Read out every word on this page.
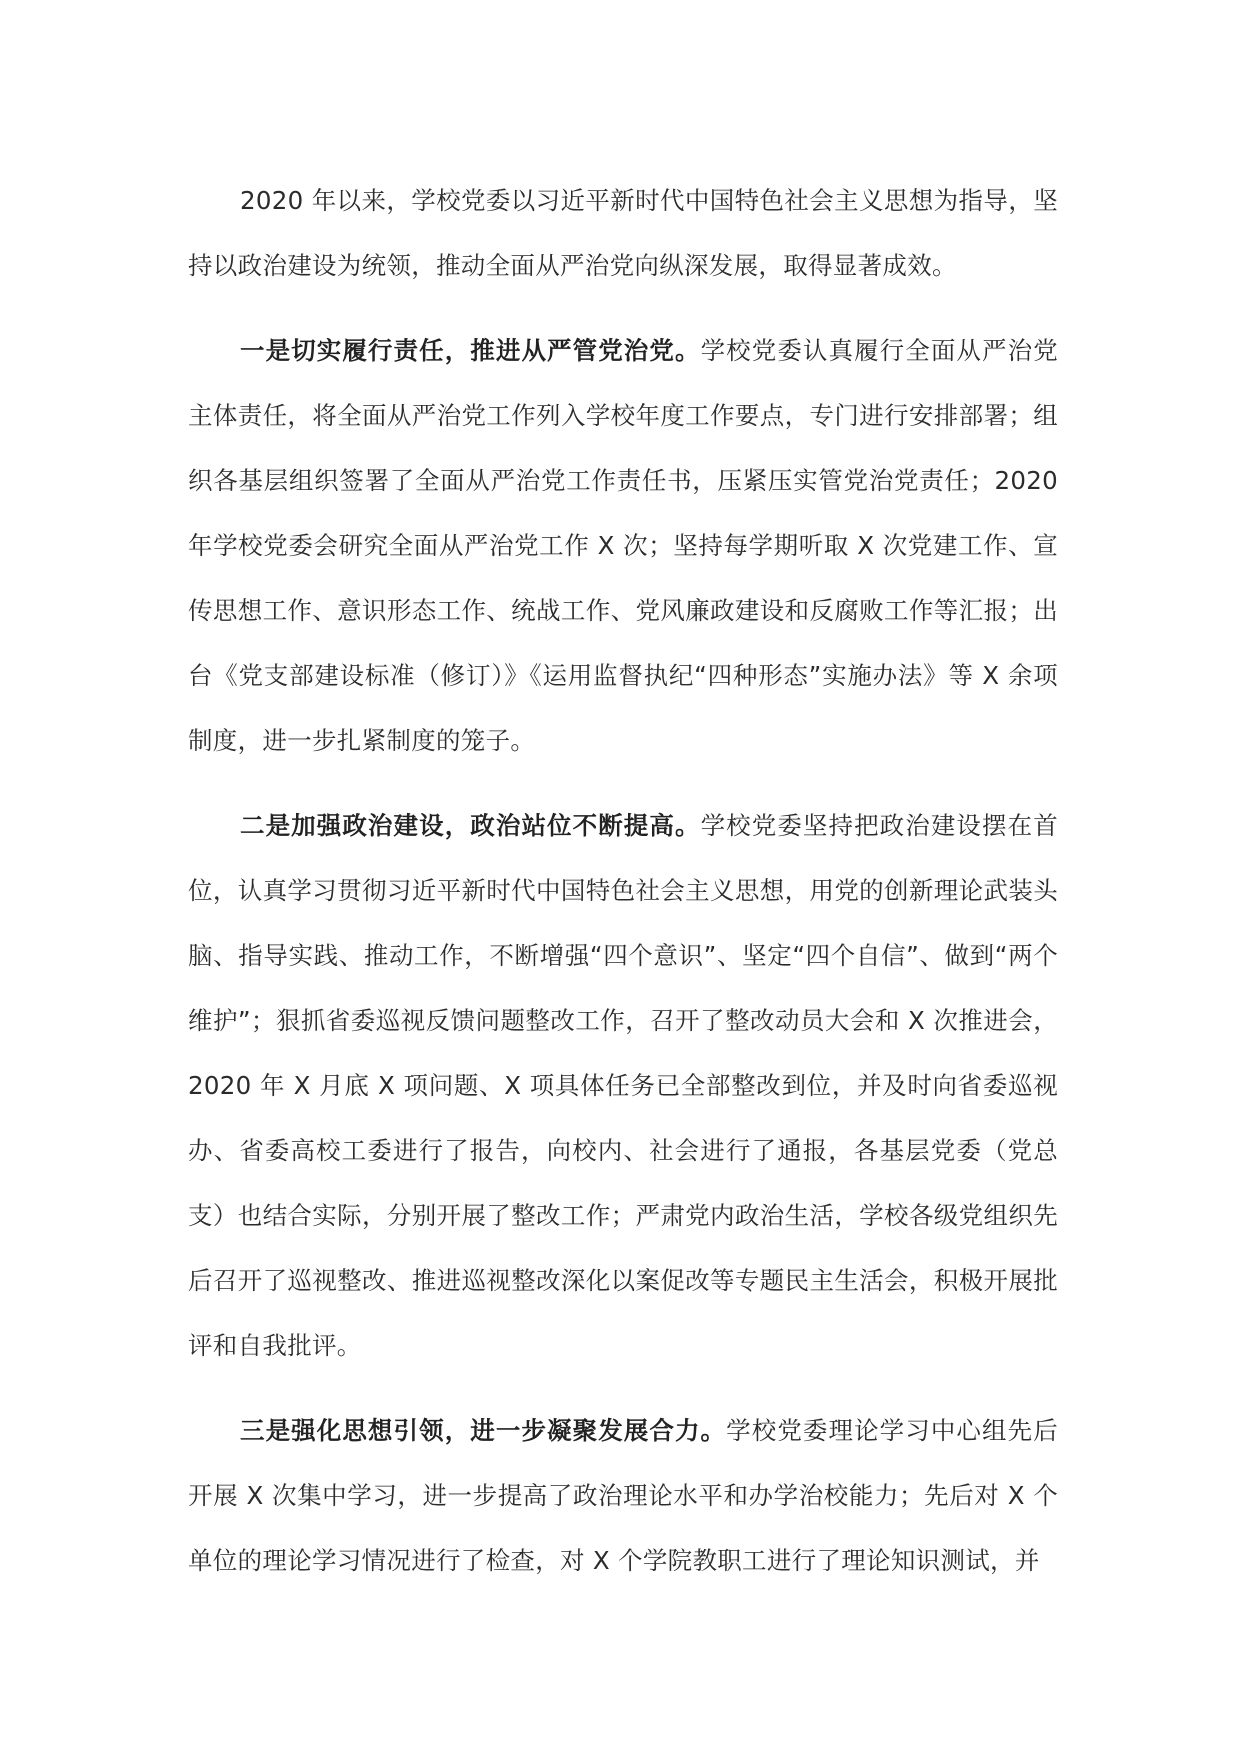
2020 年以来，学校党委以习近平新时代中国特色社会主义思想为指导，坚持以政治建设为统领，推动全面从严治党向纵深发展，取得显著成效。

一是切实履行责任，推进从严管党治党。学校党委认真履行全面从严治党主体责任，将全面从严治党工作列入学校年度工作要点，专门进行安排部署；组织各基层组织签署了全面从严治党工作责任书，压紧压实管党治党责任；2020 年学校党委会研究全面从严治党工作 X 次；坚持每学期听取 X 次党建工作、宣传思想工作、意识形态工作、统战工作、党风廉政建设和反腐败工作等汇报；出台《党支部建设标准（修订）》《运用监督执纪“四种形态”实施办法》等 X 余项制度，进一步扎紧制度的笼子。

二是加强政治建设，政治站位不断提高。学校党委坚持把政治建设摆在首位，认真学习贯彻习近平新时代中国特色社会主义思想，用党的创新理论武装头脑、指导实践、推动工作，不断增强“四个意识”、坚定“四个自信”、做到“两个维护”；狠抓省委巡视反馈问题整改工作，召开了整改动员大会和 X 次推进会，2020 年 X 月底 X 项问题、X 项具体任务已全部整改到位，并及时向省委巡视办、省委高校工委进行了报告，向校内、社会进行了通报，各基层党委（党总支）也结合实际，分别开展了整改工作；严肃党内政治生活，学校各级党组织先后召开了巡视整改、推进巡视整改深化以案促改等专题民主生活会，积极开展批评和自我批评。

三是强化思想引领，进一步凝聚发展合力。学校党委理论学习中心组先后开展 X 次集中学习，进一步提高了政治理论水平和办学治校能力；先后对 X 个单位的理论学习情况进行了检查，对 X 个学院教职工进行了理论知识测试，并
